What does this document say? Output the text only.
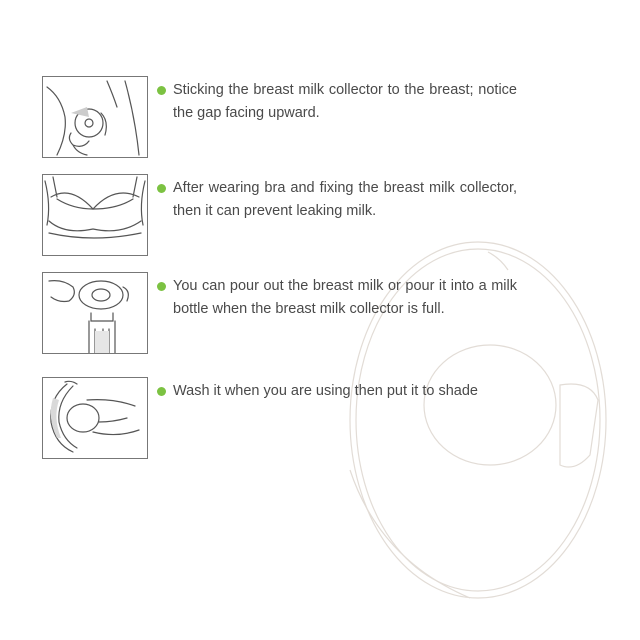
Sticking the breast milk collector to the breast; notice the gap facing upward.
After wearing bra and fixing the breast milk collector, then it can prevent leaking milk.
You can pour out the breast milk or pour it into a milk bottle when the breast milk collector is full.
Wash it when you are using then put it to shade
